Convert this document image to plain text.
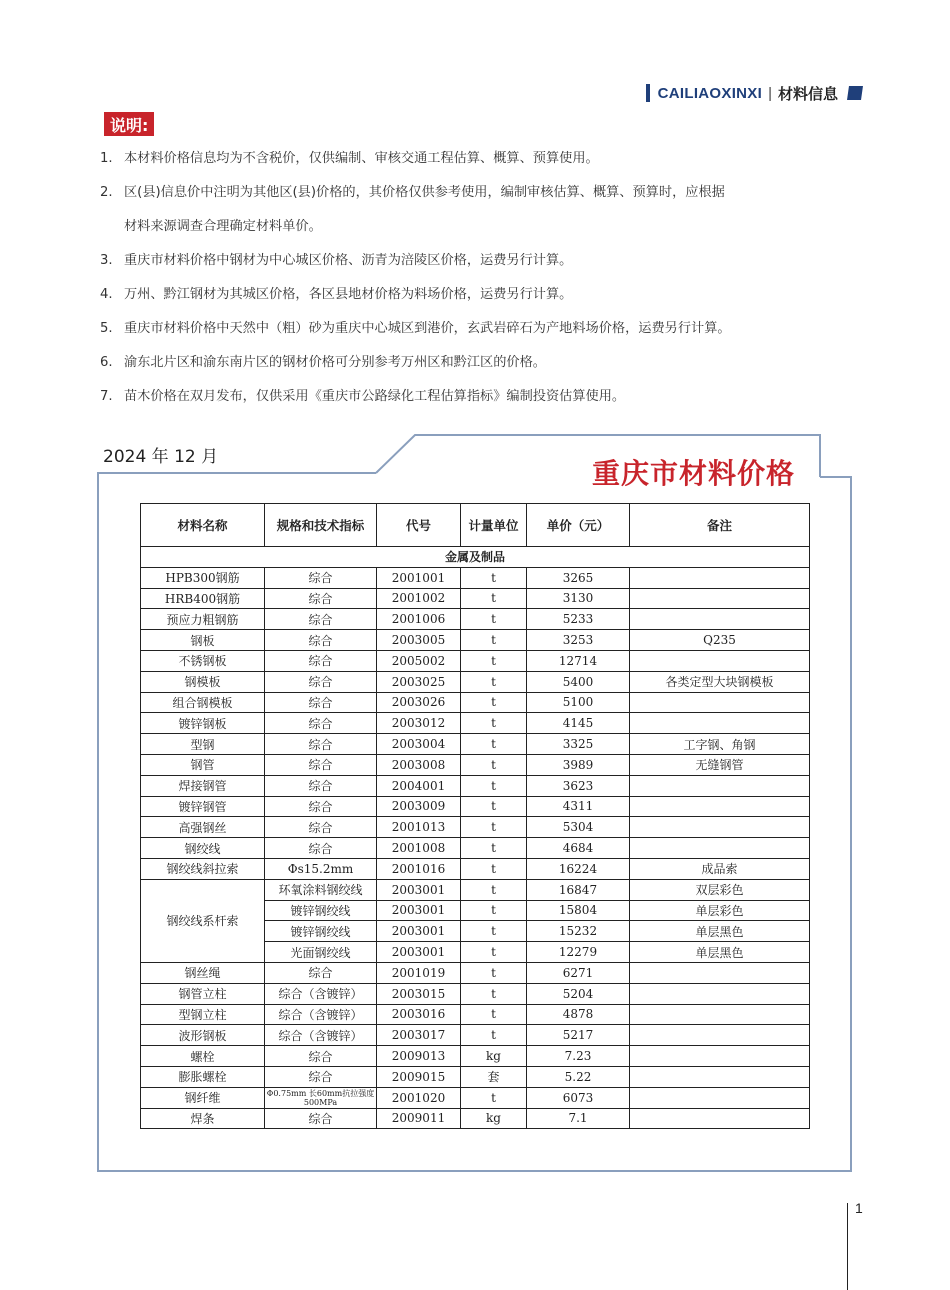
CAILIAOXINXI | 材料信息
说明:
1. 本材料价格信息均为不含税价，仅供编制、审核交通工程估算、概算、预算使用。
2. 区(县)信息价中注明为其他区(县)价格的，其价格仅供参考使用，编制审核估算、概算、预算时，应根据
材料来源调查合理确定材料单价。
3. 重庆市材料价格中钢材为中心城区价格、沥青为涪陵区价格，运费另行计算。
4. 万州、黔江钢材为其城区价格，各区县地材价格为料场价格，运费另行计算。
5. 重庆市材料价格中天然中（粗）砂为重庆中心城区到港价，玄武岩碎石为产地料场价格，运费另行计算。
6. 渝东北片区和渝东南片区的钢材价格可分别参考万州区和黔江区的价格。
7. 苗木价格在双月发布，仅供采用《重庆市公路绿化工程估算指标》编制投资估算使用。
2024 年 12 月	重庆市材料价格
材料名称	规格和技术指标	代号	计量单位	单价（元）	备注
金属及制品					
HPB300钢筋	综合	2001001	t	3265	
HRB400钢筋	综合	2001002	t	3130	
预应力粗钢筋	综合	2001006	t	5233	
钢板	综合	2003005	t	3253	Q235
不锈钢板	综合	2005002	t	12714	
钢模板	综合	2003025	t	5400	各类定型大块钢模板
组合钢模板	综合	2003026	t	5100	
镀锌钢板	综合	2003012	t	4145	
型钢	综合	2003004	t	3325	工字钢、角钢
钢管	综合	2003008	t	3989	无缝钢管
焊接钢管	综合	2004001	t	3623	
镀锌钢管	综合	2003009	t	4311	
高强钢丝	综合	2001013	t	5304	
钢绞线	综合	2001008	t	4684	
钢绞线斜拉索	Φs15.2mm	2001016	t	16224	成品索
钢绞线系杆索	环氧涂料钢绞线	2003001	t	16847	双层彩色
	镀锌钢绞线	2003001	t	15804	单层彩色
	镀锌钢绞线	2003001	t	15232	单层黑色
	光面钢绞线	2003001	t	12279	单层黑色
钢丝绳	综合	2001019	t	6271	
钢管立柱	综合（含镀锌）	2003015	t	5204	
型钢立柱	综合（含镀锌）	2003016	t	4878	
波形钢板	综合（含镀锌）	2003017	t	5217	
螺栓	综合	2009013	kg	7.23	
膨胀螺栓	综合	2009015	套	5.22	
钢纤维	Φ0.75mm 长60mm抗拉强度500MPa	2001020	t	6073	
焊条	综合	2009011	kg	7.1	
1
